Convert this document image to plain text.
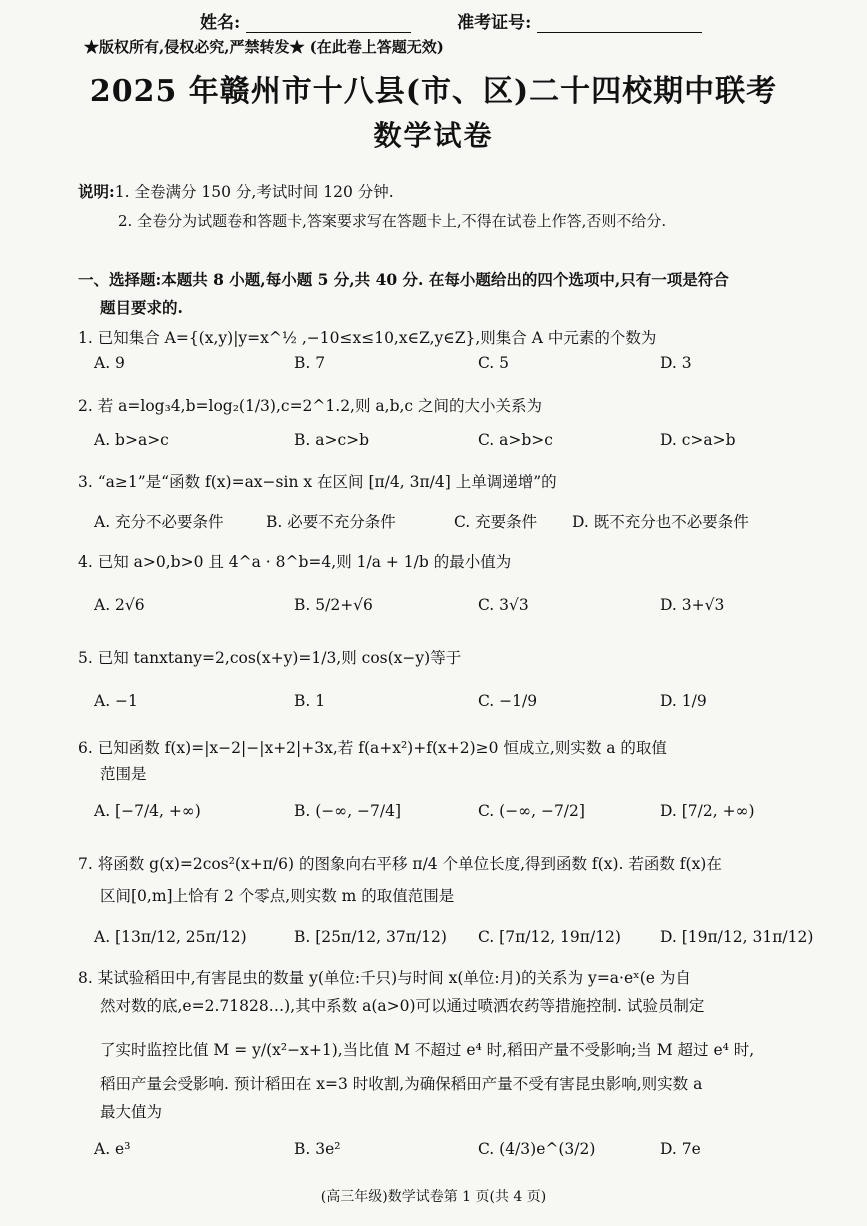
姓名:	准考证号:
★版权所有,侵权必究,严禁转发★ (在此卷上答题无效)
2025 年赣州市十八县(市、区)二十四校期中联考
数学试卷
说明:1. 全卷满分 150 分,考试时间 120 分钟.
2. 全卷分为试题卷和答题卡,答案要求写在答题卡上,不得在试卷上作答,否则不给分.
一、选择题:本题共 8 小题,每小题 5 分,共 40 分. 在每小题给出的四个选项中,只有一项是符合
题目要求的.
1. 已知集合 A={(x,y)|y=x^½ ,−10≤x≤10,x∈Z,y∈Z},则集合 A 中元素的个数为
A. 9	B. 7	C. 5	D. 3
2. 若 a=log₃4,b=log₂(1/3),c=2^1.2,则 a,b,c 之间的大小关系为
A. b>a>c	B. a>c>b	C. a>b>c	D. c>a>b
3. “a≥1”是“函数 f(x)=ax−sin x 在区间 [π/4, 3π/4] 上单调递增”的
A. 充分不必要条件	B. 必要不充分条件	C. 充要条件 D. 既不充分也不必要条件
4. 已知 a>0,b>0 且 4^a · 8^b=4,则 1/a + 1/b 的最小值为
A. 2√6	B. 5/2+√6	C. 3√3	D. 3+√3
5. 已知 tanxtany=2,cos(x+y)=1/3,则 cos(x−y)等于
A. −1	B. 1	C. −1/9	D. 1/9
6. 已知函数 f(x)=|x−2|−|x+2|+3x,若 f(a+x²)+f(x+2)≥0 恒成立,则实数 a 的取值
范围是
A. [−7/4, +∞)	B. (−∞, −7/4]	C. (−∞, −7/2]	D. [7/2, +∞)
7. 将函数 g(x)=2cos²(x+π/6) 的图象向右平移 π/4 个单位长度,得到函数 f(x). 若函数 f(x)在
区间[0,m]上恰有 2 个零点,则实数 m 的取值范围是
A. [13π/12, 25π/12)	B. [25π/12, 37π/12) C. [7π/12, 19π/12)	D. [19π/12, 31π/12)
8. 某试验稻田中,有害昆虫的数量 y(单位:千只)与时间 x(单位:月)的关系为 y=a·eˣ(e 为自
然对数的底,e=2.71828…),其中系数 a(a>0)可以通过喷洒农药等措施控制. 试验员制定
了实时监控比值 M = y/(x²−x+1),当比值 M 不超过 e⁴ 时,稻田产量不受影响;当 M 超过 e⁴ 时,
稻田产量会受影响. 预计稻田在 x=3 时收割,为确保稻田产量不受有害昆虫影响,则实数 a
最大值为
A. e³	B. 3e²	C. (4/3)e^(3/2)	D. 7e
(高三年级)数学试卷第 1 页(共 4 页)
